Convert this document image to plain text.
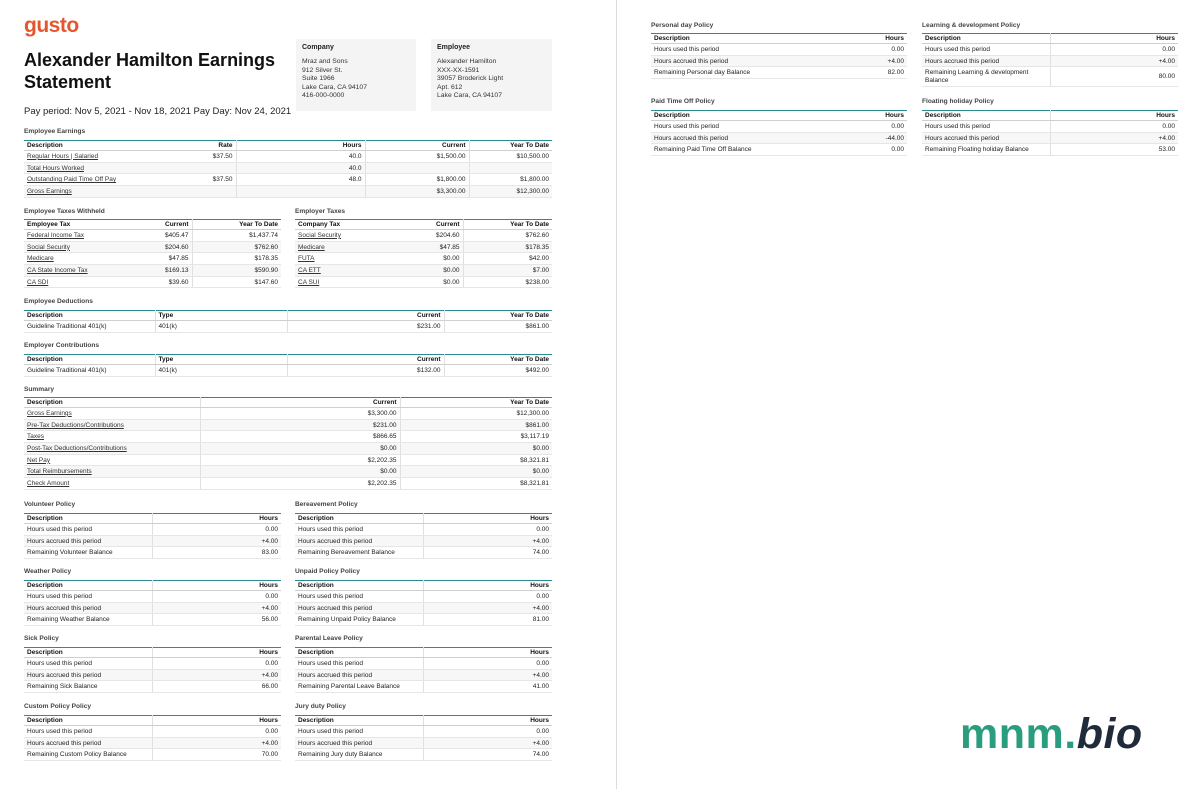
gusto
Alexander Hamilton Earnings Statement
Pay period: Nov 5, 2021 - Nov 18, 2021 Pay Day: Nov 24, 2021
Company
Mraz and Sons
912 Silver St.
Suite 1966
Lake Cara, CA 94107
416-000-0000
Employee
Alexander Hamilton
XXX-XX-1591
39057 Broderick Light
Apt. 612
Lake Cara, CA 94107
Employee Earnings
Description	Rate	Hours	Current	Year To Date
Regular Hours | Salaried	$37.50	40.0	$1,500.00	$10,500.00
Total Hours Worked		40.0		
Outstanding Paid Time Off Pay	$37.50	48.0	$1,800.00	$1,800.00
Gross Earnings			$3,300.00	$12,300.00
Employee Taxes Withheld
Employee Tax	Current	Year To Date
Federal Income Tax	$405.47	$1,437.74
Social Security	$204.60	$762.60
Medicare	$47.85	$178.35
CA State Income Tax	$169.13	$590.90
CA SDI	$39.60	$147.60
Employer Taxes
Company Tax	Current	Year To Date
Social Security	$204.60	$762.60
Medicare	$47.85	$178.35
FUTA	$0.00	$42.00
CA ETT	$0.00	$7.00
CA SUI	$0.00	$238.00
Employee Deductions
Description	Type	Current	Year To Date
Guideline Traditional 401(k)	401(k)	$231.00	$861.00
Employer Contributions
Description	Type	Current	Year To Date
Guideline Traditional 401(k)	401(k)	$132.00	$492.00
Summary
Description	Current	Year To Date
Gross Earnings	$3,300.00	$12,300.00
Pre-Tax Deductions/Contributions	$231.00	$861.00
Taxes	$866.65	$3,117.19
Post-Tax Deductions/Contributions	$0.00	$0.00
Net Pay	$2,202.35	$8,321.81
Total Reimbursements	$0.00	$0.00
Check Amount	$2,202.35	$8,321.81
Volunteer Policy
Description	Hours
Hours used this period	0.00
Hours accrued this period	+4.00
Remaining Volunteer Balance	83.00
Bereavement Policy
Description	Hours
Hours used this period	0.00
Hours accrued this period	+4.00
Remaining Bereavement Balance	74.00
Weather Policy
Description	Hours
Hours used this period	0.00
Hours accrued this period	+4.00
Remaining Weather Balance	56.00
Unpaid Policy Policy
Description	Hours
Hours used this period	0.00
Hours accrued this period	+4.00
Remaining Unpaid Policy Balance	81.00
Sick Policy
Description	Hours
Hours used this period	0.00
Hours accrued this period	+4.00
Remaining Sick Balance	66.00
Parental Leave Policy
Description	Hours
Hours used this period	0.00
Hours accrued this period	+4.00
Remaining Parental Leave Balance	41.00
Custom Policy Policy
Description	Hours
Hours used this period	0.00
Hours accrued this period	+4.00
Remaining Custom Policy Balance	70.00
Jury duty Policy
Description	Hours
Hours used this period	0.00
Hours accrued this period	+4.00
Remaining Jury duty Balance	74.00
Personal day Policy
Description	Hours
Hours used this period	0.00
Hours accrued this period	+4.00
Remaining Personal day Balance	82.00
Learning & development Policy
Description	Hours
Hours used this period	0.00
Hours accrued this period	+4.00
Remaining Learning & development Balance	80.00
Paid Time Off Policy
Description	Hours
Hours used this period	0.00
Hours accrued this period	-44.00
Remaining Paid Time Off Balance	0.00
Floating holiday Policy
Description	Hours
Hours used this period	0.00
Hours accrued this period	+4.00
Remaining Floating holiday Balance	53.00
mnm.bio
